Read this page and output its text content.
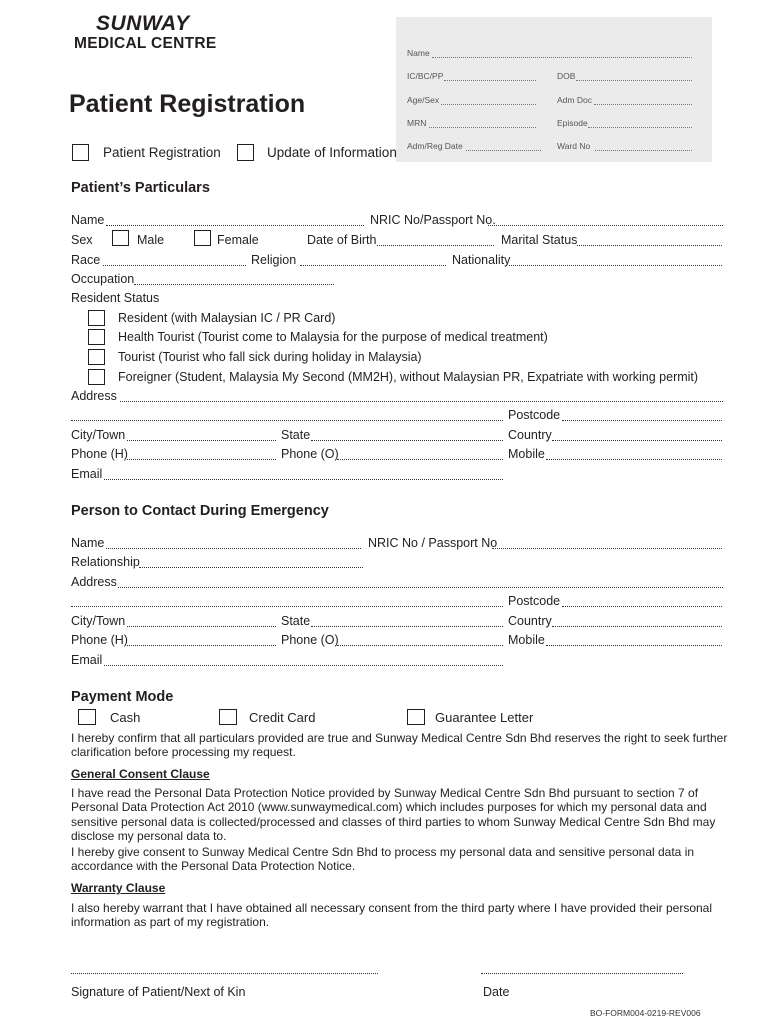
SUNWAY
MEDICAL CENTRE
Patient Registration
Name
IC/BC/PP	DOB
Age/Sex	Adm Doc
MRN	Episode
Adm/Reg Date	Ward No
Patient Registration	Update of Information
Patient’s Particulars
Name	NRIC No/Passport No.
Sex	Male	Female	Date of Birth	Marital Status
Race	Religion	Nationality
Occupation
Resident Status
Resident (with Malaysian IC / PR Card)
Health Tourist (Tourist come to Malaysia for the purpose of medical treatment)
Tourist (Tourist who fall sick during holiday in Malaysia)
Foreigner (Student, Malaysia My Second (MM2H), without Malaysian PR, Expatriate with working permit)
Address
Postcode
City/Town	State	Country
Phone (H)	Phone (O)	Mobile
Email
Person to Contact During Emergency
Name	NRIC No / Passport No
Relationship
Address
Postcode
City/Town	State	Country
Phone (H)	Phone (O)	Mobile
Email
Payment Mode
Cash	Credit Card	Guarantee Letter
I hereby confirm that all particulars provided are true and Sunway Medical Centre Sdn Bhd reserves the right to seek further clarification before processing my request.
General Consent Clause
I have read the Personal Data Protection Notice provided by Sunway Medical Centre Sdn Bhd pursuant to section 7 of Personal Data Protection Act 2010 (www.sunwaymedical.com) which includes purposes for which my personal data and sensitive personal data is collected/processed and classes of third parties to whom Sunway Medical Centre Sdn Bhd may disclose my personal data to.
I hereby give consent to Sunway Medical Centre Sdn Bhd to process my personal data and sensitive personal data in accordance with the Personal Data Protection Notice.
Warranty Clause
I also hereby warrant that I have obtained all necessary consent from the third party where I have provided their personal information as part of my registration.
Signature of Patient/Next of Kin	Date
BO-FORM004-0219-REV006
